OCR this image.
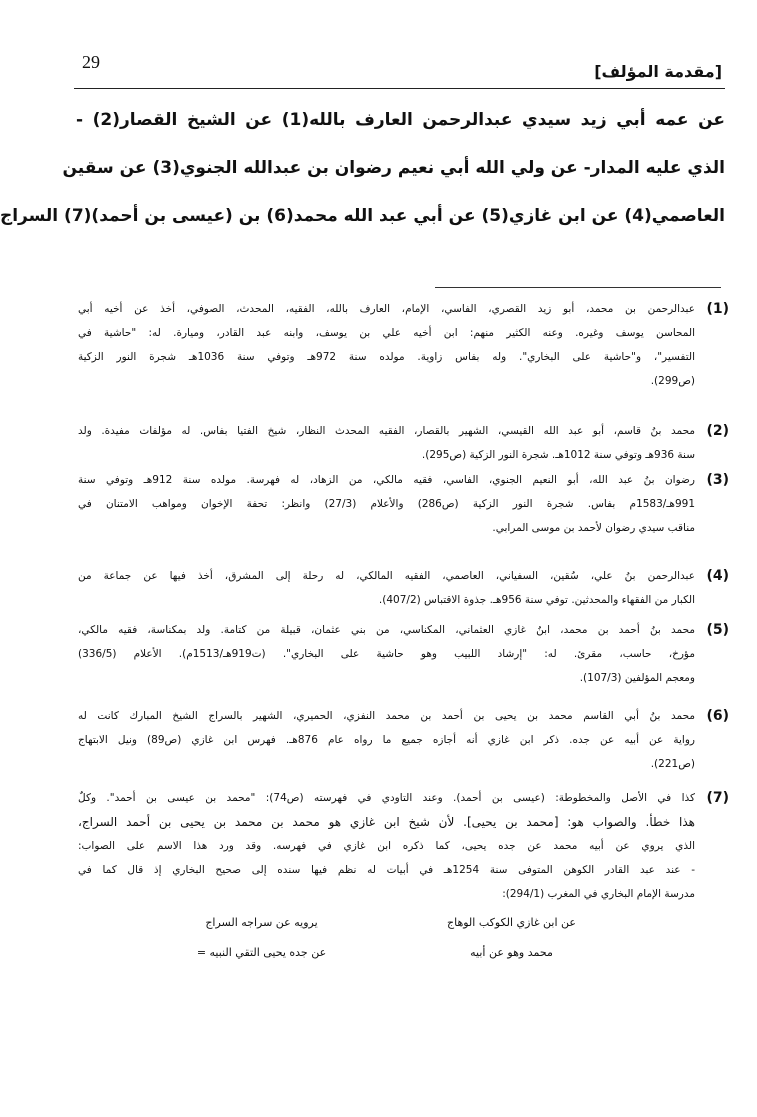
29	[مقدمة المؤلف]

عن عمه أبي زيد سيدي عبدالرحمن العارف بالله(1) عن الشيخ القصار(2) -

الذي عليه المدار- عن ولي الله أبي نعيم رضوان بن عبدالله الجنوي(3) عن سقين

العاصمي(4) عن ابن غازي(5) عن أبي عبد الله محمد(6) بن (عيسى بن أحمد)(7) السراج

(1)

عبدالرحمن بن محمد، أبو زيد القصري، الفاسي، الإمام، العارف بالله، الفقيه، المحدث، الصوفي، أخذ عن أخيه أبي

المحاسن يوسف وغيره. وعنه الكثير منهم: ابن أخيه علي بن يوسف، وابنه عبد القادر، وميارة. له: "حاشية في

التفسير"، و"حاشية على البخاري". وله بفاس زاوية. مولده سنة 972هـ وتوفي سنة 1036هـ شجرة النور الزكية

(ص299).

(2)

محمد بنُ قاسم، أبو عبد الله القيسي، الشهير بالقصار، الفقيه المحدث النظار، شيخ الفتيا بفاس. له مؤلفات مفيدة. ولد

سنة 936هـ وتوفي سنة 1012هـ. شجرة النور الزكية (ص295).

(3)

رضوان بنُ عبد الله، أبو النعيم الجنوي، الفاسي، فقيه مالكي، من الزهاد، له فهرسة. مولده سنة 912هـ وتوفي سنة

991هـ/1583م بفاس. شجرة النور الزكية (ص286) والأعلام (27/3) وانظر: تحفة الإخوان ومواهب الامتنان في

مناقب سيدي رضوان لأحمد بن موسى المرابي.

(4)

عبدالرحمن بنُ علي، سُقين، السفياني، العاصمي، الفقيه المالكي، له رحلة إلى المشرق، أخذ فيها عن جماعة من

الكبار من الفقهاء والمحدثين. توفي سنة 956هـ. جذوة الاقتباس (407/2).

(5)

محمد بنُ أحمد بن محمد، ابنُ غازي العثماني، المكناسي، من بني عثمان، قبيلة من كتامة. ولد بمكناسة، فقيه مالكي،

مؤرخ، حاسب، مقرئ. له: "إرشاد اللبيب وهو حاشية على البخاري". (ت919هـ/1513م). الأعلام (336/5)

ومعجم المؤلفين (107/3).

(6)

محمد بنُ أبي القاسم محمد بن يحيى بن أحمد بن محمد النفزي، الحميري، الشهير بالسراج الشيخ المبارك كانت له

رواية عن أبيه عن جده. ذكر ابن غازي أنه أجازه جميع ما رواه عام 876هـ. فهرس ابن غازي (ص89) ونيل الابتهاج

(ص221).

(7)

كذا في الأصل والمخطوطة: (عيسى بن أحمد). وعند التاودي في فهرسته (ص74): "محمد بن عيسى بن أحمد". وكلٌ

هذا خطأ. والصواب هو: [محمد بن يحيى]. لأن شيخ ابن غازي هو محمد بن محمد بن يحيى بن أحمد السراج،

الذي يروي عن أبيه محمد عن جده يحيى، كما ذكره ابن غازي في فهرسه. وقد ورد هذا الاسم على الصواب:

- عند عبد القادر الكوهن المتوفى سنة 1254هـ في أبيات له نظم فيها سنده إلى صحيح البخاري إذ قال كما في

مدرسة الإمام البخاري في المغرب (294/1):

عن ابن غازي الكوكب الوهاج
يرويه عن سراجه السراج
محمد وهو عن أبيه
عن جده يحيى التقي النبيه =
